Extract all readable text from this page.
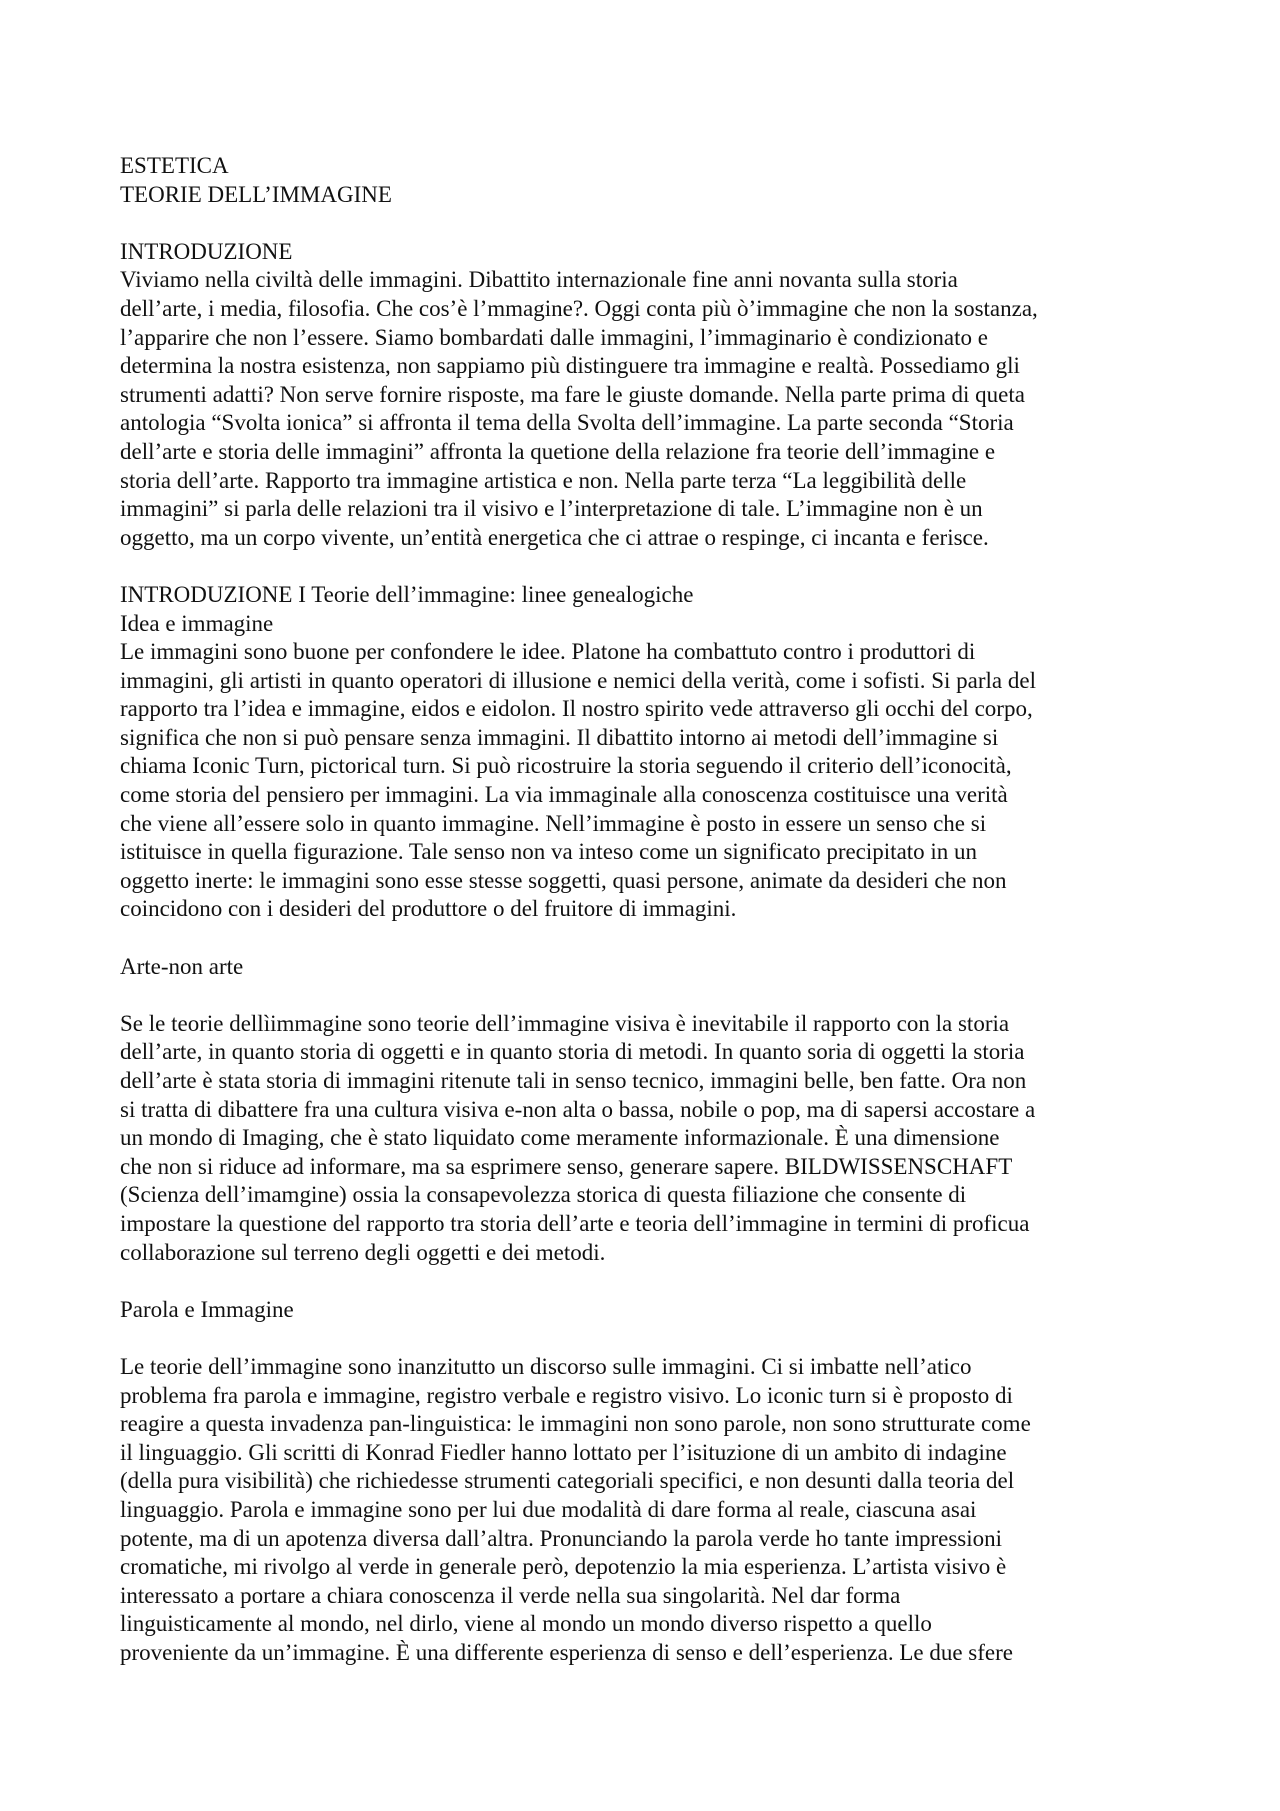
ESTETICA
TEORIE DELL’IMMAGINE
INTRODUZIONE
Viviamo nella civiltà delle immagini. Dibattito internazionale fine anni novanta sulla storia
dell’arte, i media, filosofia. Che cos’è l’mmagine?. Oggi conta più ò’immagine che non la sostanza,
l’apparire che non l’essere. Siamo bombardati dalle immagini, l’immaginario è condizionato e
determina la nostra esistenza, non sappiamo più distinguere tra immagine e realtà. Possediamo gli
strumenti adatti? Non serve fornire risposte, ma fare le giuste domande. Nella parte prima di queta
antologia “Svolta ionica” si affronta il tema della Svolta dell’immagine. La parte seconda “Storia
dell’arte e storia delle immagini” affronta la quetione della relazione fra teorie dell’immagine e
storia dell’arte. Rapporto tra immagine artistica e non. Nella parte terza “La leggibilità delle
immagini” si parla delle relazioni tra il visivo e l’interpretazione di tale. L’immagine non è un
oggetto, ma un corpo vivente, un’entità energetica che ci attrae o respinge, ci incanta e ferisce.
INTRODUZIONE I Teorie dell’immagine: linee genealogiche
Idea e immagine
Le immagini sono buone per confondere le idee. Platone ha combattuto contro i produttori di
immagini, gli artisti in quanto operatori di illusione e nemici della verità, come i sofisti. Si parla del
rapporto tra l’idea e immagine, eidos e eidolon. Il nostro spirito vede attraverso gli occhi del corpo,
significa che non si può pensare senza immagini. Il dibattito intorno ai metodi dell’immagine si
chiama Iconic Turn, pictorical turn. Si può ricostruire la storia seguendo il criterio dell’iconocità,
come storia del pensiero per immagini. La via immaginale alla conoscenza costituisce una verità
che viene all’essere solo in quanto immagine. Nell’immagine è posto in essere un senso che si
istituisce in quella figurazione. Tale senso non va inteso come un significato precipitato in un
oggetto inerte: le immagini sono esse stesse soggetti, quasi persone, animate da desideri che non
coincidono con i desideri del produttore o del fruitore di immagini.
Arte-non arte
Se le teorie dellìimmagine sono teorie dell’immagine visiva è inevitabile il rapporto con la storia
dell’arte, in quanto storia di oggetti e in quanto storia di metodi. In quanto soria di oggetti la storia
dell’arte è stata storia di immagini ritenute tali in senso tecnico, immagini belle, ben fatte. Ora non
si tratta di dibattere fra una cultura visiva e-non alta o bassa, nobile o pop, ma di sapersi accostare a
un mondo di Imaging, che è stato liquidato come meramente informazionale. È una dimensione
che non si riduce ad informare, ma sa esprimere senso, generare sapere. BILDWISSENSCHAFT
(Scienza dell’imamgine) ossia la consapevolezza storica di questa filiazione che consente di
impostare la questione del rapporto tra storia dell’arte e teoria dell’immagine in termini di proficua
collaborazione sul terreno degli oggetti e dei metodi.
Parola e Immagine
Le teorie dell’immagine sono inanzitutto un discorso sulle immagini. Ci si imbatte nell’atico
problema fra parola e immagine, registro verbale e registro visivo. Lo iconic turn si è proposto di
reagire a questa invadenza pan-linguistica: le immagini non sono parole, non sono strutturate come
il linguaggio. Gli scritti di Konrad Fiedler hanno lottato per l’isituzione di un ambito di indagine
(della pura visibilità) che richiedesse strumenti categoriali specifici, e non desunti dalla teoria del
linguaggio. Parola e immagine sono per lui due modalità di dare forma al reale, ciascuna asai
potente, ma di un apotenza diversa dall’altra. Pronunciando la parola verde ho tante impressioni
cromatiche, mi rivolgo al verde in generale però, depotenzio la mia esperienza. L’artista visivo è
interessato a portare a chiara conoscenza il verde nella sua singolarità. Nel dar forma
linguisticamente al mondo, nel dirlo, viene al mondo un mondo diverso rispetto a quello
proveniente da un’immagine. È una differente esperienza di senso e dell’esperienza. Le due sfere
